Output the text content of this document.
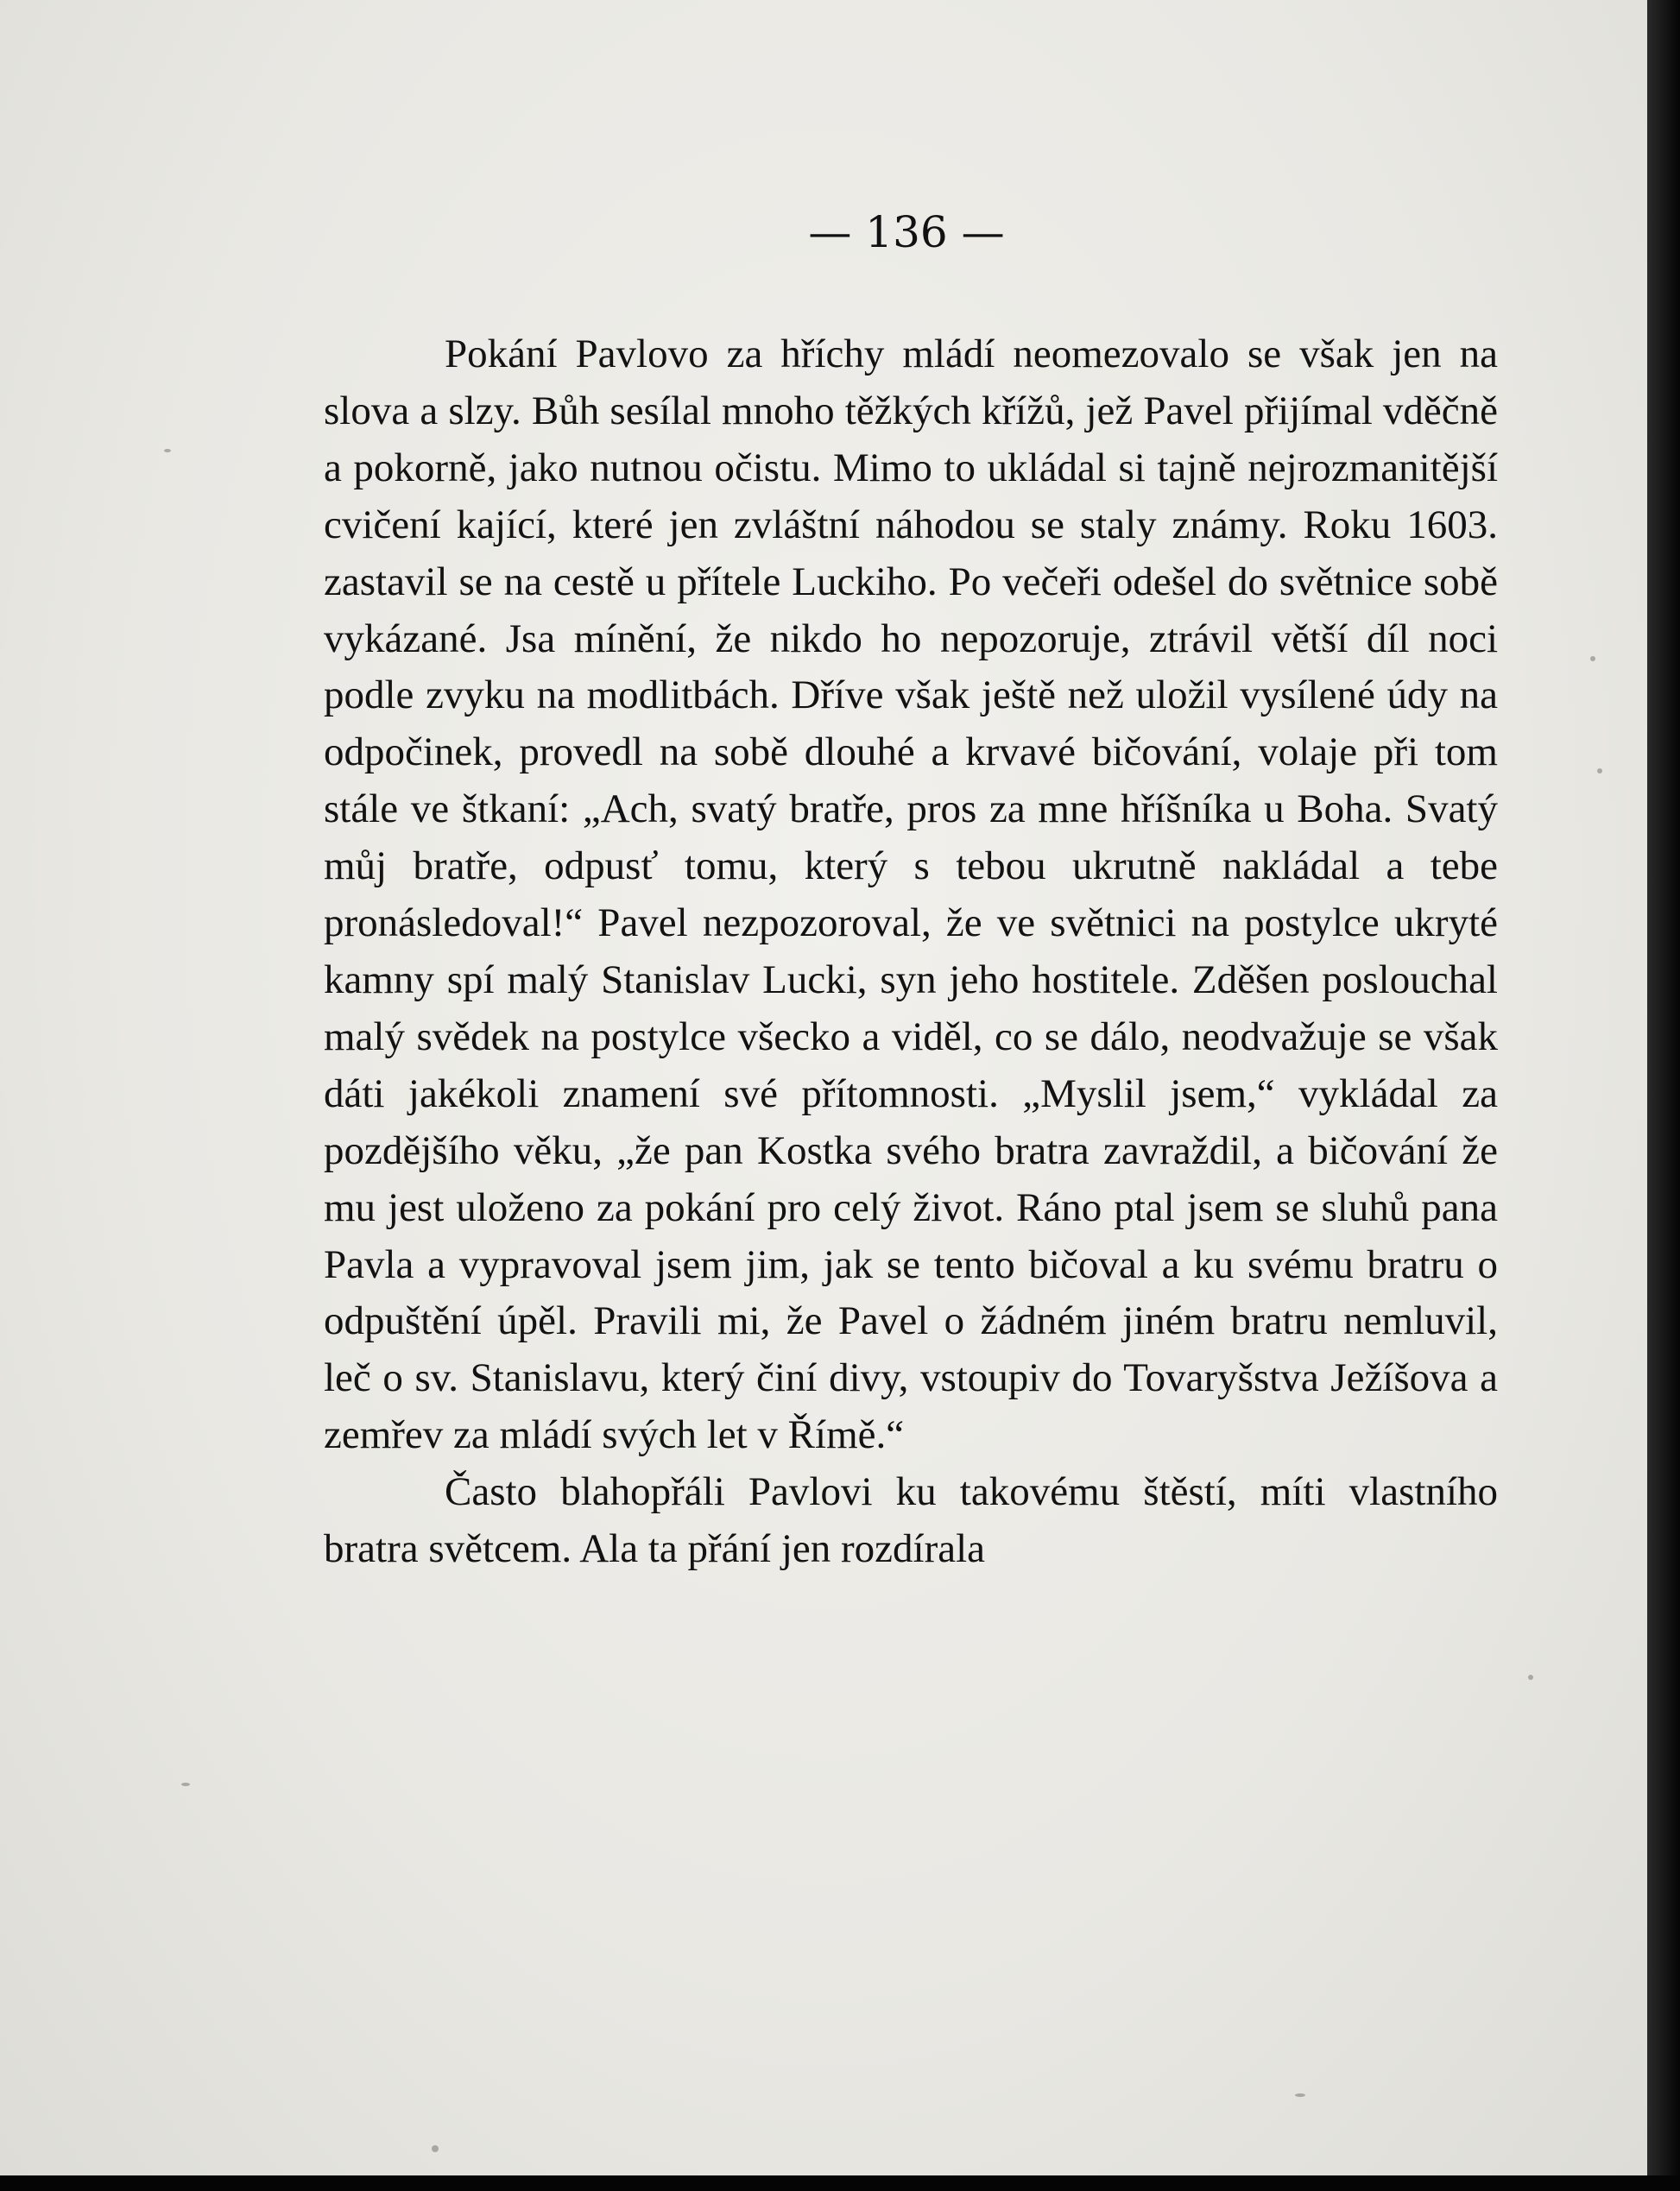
— 136 —

Pokání Pavlovo za hříchy mládí neomezovalo se však jen na slova a slzy. Bůh sesílal mnoho těžkých křížů, jež Pavel přijímal vděčně a pokorně, jako nutnou očistu. Mimo to ukládal si tajně nejrozmanitější cvičení kající, které jen zvláštní náhodou se staly známy. Roku 1603. zastavil se na cestě u přítele Luckiho. Po večeři odešel do světnice sobě vykázané. Jsa mínění, že nikdo ho nepozoruje, ztrávil větší díl noci podle zvyku na modlitbách. Dříve však ještě než uložil vysílené údy na odpočinek, provedl na sobě dlouhé a krvavé bičování, volaje při tom stále ve štkaní: „Ach, svatý bratře, pros za mne hříšníka u Boha. Svatý můj bratře, odpusť tomu, který s tebou ukrutně nakládal a tebe pronásledoval!“ Pavel nezpozoroval, že ve světnici na postylce ukryté kamny spí malý Stanislav Lucki, syn jeho hostitele. Zděšen poslouchal malý svědek na postylce všecko a viděl, co se dálo, neodvažuje se však dáti jakékoli znamení své přítomnosti. „Myslil jsem,“ vykládal za pozdějšího věku, „že pan Kostka svého bratra zavraždil, a bičování že mu jest uloženo za pokání pro celý život. Ráno ptal jsem se sluhů pana Pavla a vypravoval jsem jim, jak se tento bičoval a ku svému bratru o odpuštění úpěl. Pravili mi, že Pavel o žádném jiném bratru nemluvil, leč o sv. Stanislavu, který činí divy, vstoupiv do Tovaryšstva Ježíšova a zemřev za mládí svých let v Římě.“

Často blahopřáli Pavlovi ku takovému štěstí, míti vlastního bratra světcem. Ala ta přání jen rozdírala
